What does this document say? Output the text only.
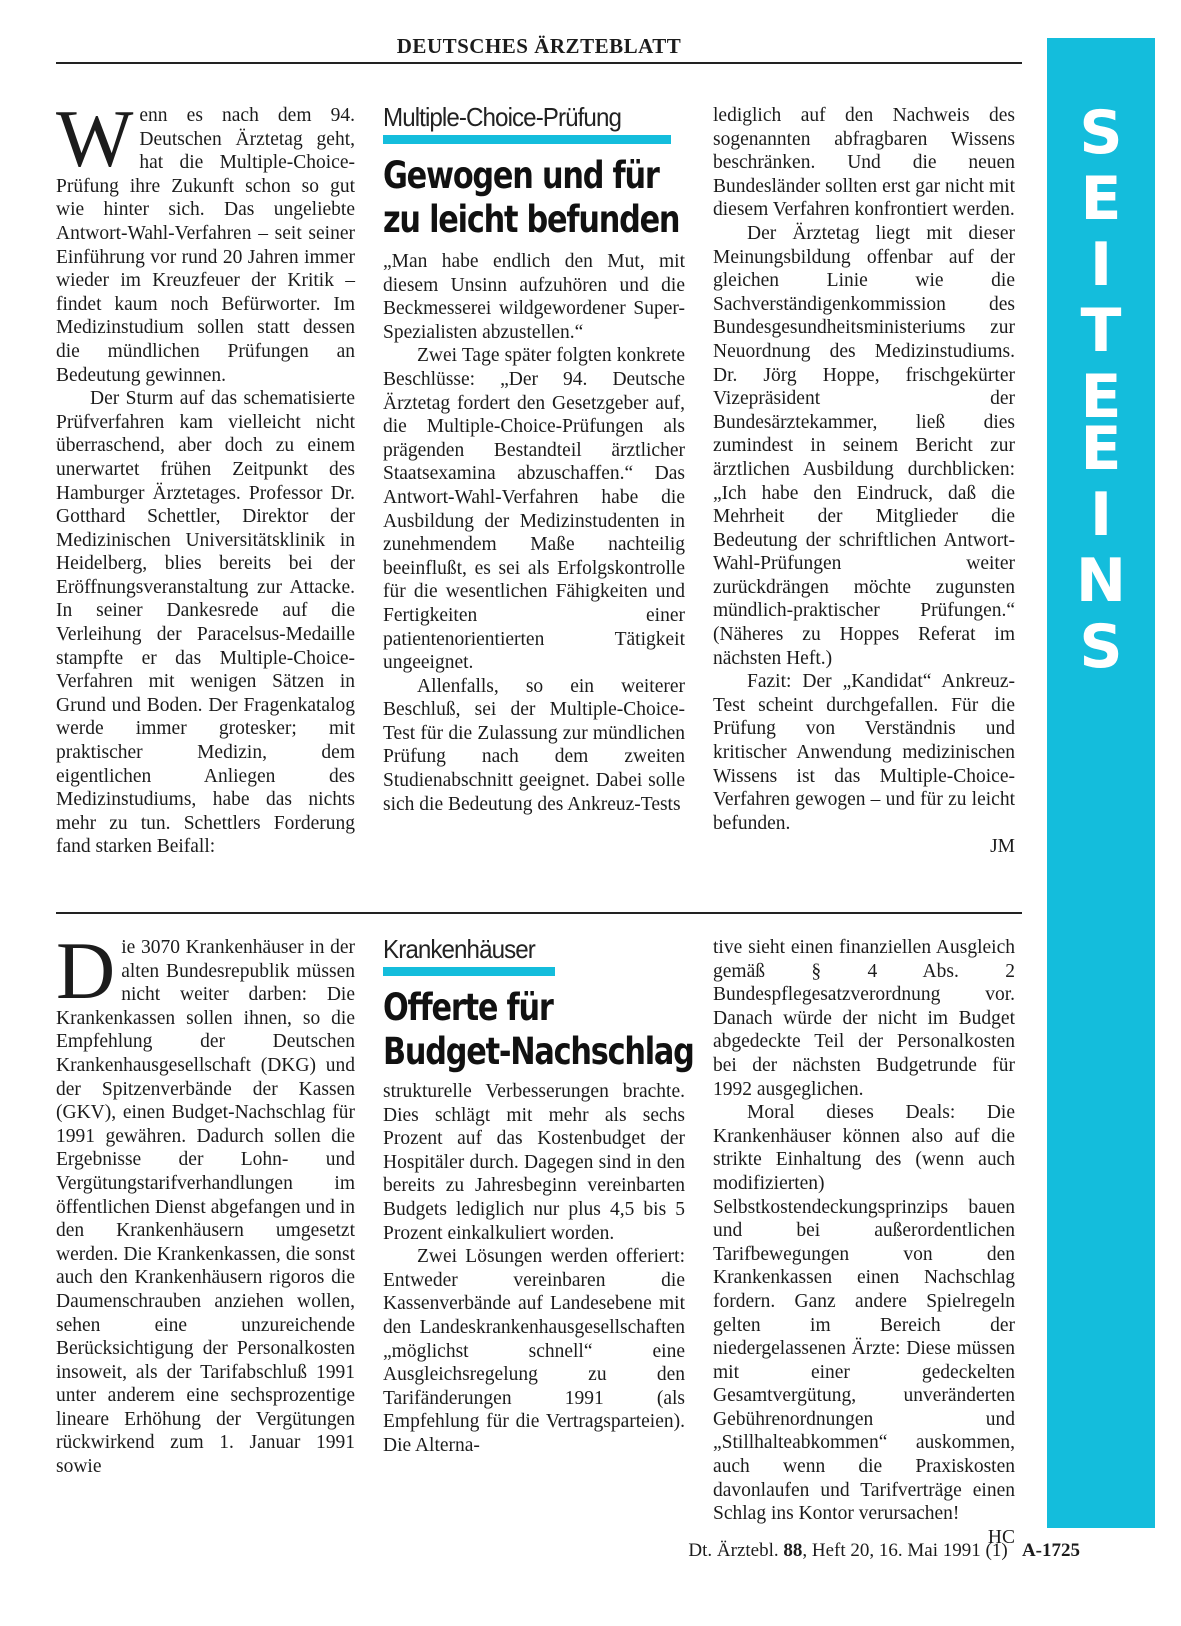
DEUTSCHES ÄRZTEBLATT
S
E
I
T
E
E
I
N
S

Wenn es nach dem 94. Deutschen Ärztetag geht, hat die Multiple-Choice-Prüfung ihre Zukunft schon so gut wie hinter sich. Das ungeliebte Antwort-Wahl-Verfahren – seit seiner Einführung vor rund 20 Jahren immer wieder im Kreuzfeuer der Kritik – findet kaum noch Befürworter. Im Medizinstudium sollen statt dessen die mündlichen Prüfungen an Bedeutung gewinnen.

Der Sturm auf das schematisierte Prüfverfahren kam vielleicht nicht überraschend, aber doch zu einem unerwartet frühen Zeitpunkt des Hamburger Ärztetages. Professor Dr. Gotthard Schettler, Direktor der Medizinischen Universitätsklinik in Heidelberg, blies bereits bei der Eröffnungsveranstaltung zur Attacke. In seiner Dankesrede auf die Verleihung der Paracelsus-Medaille stampfte er das Multiple-Choice-Verfahren mit wenigen Sätzen in Grund und Boden. Der Fragenkatalog werde immer grotesker; mit praktischer Medizin, dem eigentlichen Anliegen des Medizinstudiums, habe das nichts mehr zu tun. Schettlers Forderung fand starken Beifall:

Multiple-Choice-Prüfung
Gewogen und für
zu leicht befunden

„Man habe endlich den Mut, mit diesem Unsinn aufzuhören und die Beckmesserei wildgewordener Super-Spezialisten abzustellen.“

Zwei Tage später folgten konkrete Beschlüsse: „Der 94. Deutsche Ärztetag fordert den Gesetzgeber auf, die Multiple-Choice-Prüfungen als prägenden Bestandteil ärztlicher Staatsexamina abzuschaffen.“ Das Antwort-Wahl-Verfahren habe die Ausbildung der Medizinstudenten in zunehmendem Maße nachteilig beeinflußt, es sei als Erfolgskontrolle für die wesentlichen Fähigkeiten und Fertigkeiten einer patientenorientierten Tätigkeit ungeeignet.

Allenfalls, so ein weiterer Beschluß, sei der Multiple-Choice-Test für die Zulassung zur mündlichen Prüfung nach dem zweiten Studienabschnitt geeignet. Dabei solle sich die Bedeutung des Ankreuz-Tests

lediglich auf den Nachweis des sogenannten abfragbaren Wissens beschränken. Und die neuen Bundesländer sollten erst gar nicht mit diesem Verfahren konfrontiert werden.

Der Ärztetag liegt mit dieser Meinungsbildung offenbar auf der gleichen Linie wie die Sachverständigenkommission des Bundesgesundheitsministeriums zur Neuordnung des Medizinstudiums. Dr. Jörg Hoppe, frischgekürter Vizepräsident der Bundesärztekammer, ließ dies zumindest in seinem Bericht zur ärztlichen Ausbildung durchblicken: „Ich habe den Eindruck, daß die Mehrheit der Mitglieder die Bedeutung der schriftlichen Antwort-Wahl-Prüfungen weiter zurückdrängen möchte zugunsten mündlich-praktischer Prüfungen.“ (Näheres zu Hoppes Referat im nächsten Heft.)

Fazit: Der „Kandidat“ Ankreuz-Test scheint durchgefallen. Für die Prüfung von Verständnis und kritischer Anwendung medizinischen Wissens ist das Multiple-Choice-Verfahren gewogen – und für zu leicht befunden.

JM

Die 3070 Krankenhäuser in der alten Bundesrepublik müssen nicht weiter darben: Die Krankenkassen sollen ihnen, so die Empfehlung der Deutschen Krankenhausgesellschaft (DKG) und der Spitzenverbände der Kassen (GKV), einen Budget-Nachschlag für 1991 gewähren. Dadurch sollen die Ergebnisse der Lohn- und Vergütungstarifverhandlungen im öffentlichen Dienst abgefangen und in den Krankenhäusern umgesetzt werden. Die Krankenkassen, die sonst auch den Krankenhäusern rigoros die Daumenschrauben anziehen wollen, sehen eine unzureichende Berücksichtigung der Personalkosten insoweit, als der Tarifabschluß 1991 unter anderem eine sechsprozentige lineare Erhöhung der Vergütungen rückwirkend zum 1. Januar 1991 sowie

Krankenhäuser
Offerte für
Budget-Nachschlag

strukturelle Verbesserungen brachte. Dies schlägt mit mehr als sechs Prozent auf das Kostenbudget der Hospitäler durch. Dagegen sind in den bereits zu Jahresbeginn vereinbarten Budgets lediglich nur plus 4,5 bis 5 Prozent einkalkuliert worden.

Zwei Lösungen werden offeriert: Entweder vereinbaren die Kassenverbände auf Landesebene mit den Landeskrankenhausgesellschaften „möglichst schnell“ eine Ausgleichsregelung zu den Tarifänderungen 1991 (als Empfehlung für die Vertragsparteien). Die Alterna-

tive sieht einen finanziellen Ausgleich gemäß § 4 Abs. 2 Bundespflegesatzverordnung vor. Danach würde der nicht im Budget abgedeckte Teil der Personalkosten bei der nächsten Budgetrunde für 1992 ausgeglichen.

Moral dieses Deals: Die Krankenhäuser können also auf die strikte Einhaltung des (wenn auch modifizierten) Selbstkostendeckungsprinzips bauen und bei außerordentlichen Tarifbewegungen von den Krankenkassen einen Nachschlag fordern. Ganz andere Spielregeln gelten im Bereich der niedergelassenen Ärzte: Diese müssen mit einer gedeckelten Gesamtvergütung, unveränderten Gebührenordnungen und „Stillhalteabkommen“ auskommen, auch wenn die Praxiskosten davonlaufen und Tarifverträge einen Schlag ins Kontor verursachen!

HC

Dt. Ärztebl. 88, Heft 20, 16. Mai 1991 (1) A-1725
